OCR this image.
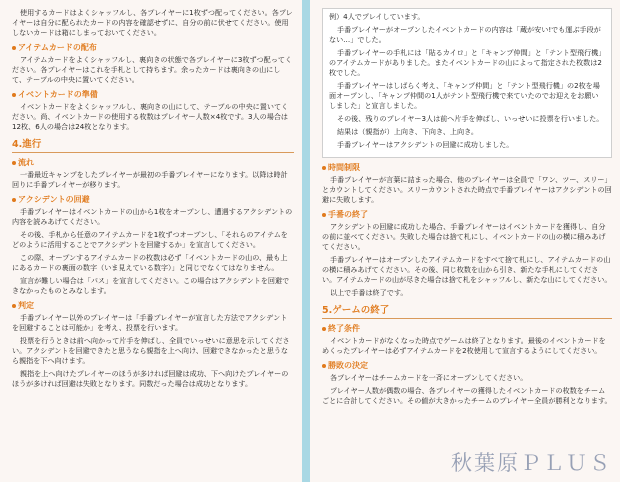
使用するカードはよくシャッフルし、各プレイヤーに1枚ずつ配ってください。各プレイヤーは自分に配られたカードの内容を確認せずに、自分の前に伏せてください。使用しないカードは箱にしまっておいてください。

アイテムカードの配布

アイテムカードをよくシャッフルし、裏向きの状態で各プレイヤーに3枚ずつ配ってください。各プレイヤーはこれを手札として持ちます。余ったカードは裏向きの山にして、テーブルの中央に置いてください。

イベントカードの準備

イベントカードをよくシャッフルし、裏向きの山にして、テーブルの中央に置いてください。尚、イベントカードの使用する枚数はプレイヤー人数×4枚です。3人の場合は12枚、6人の場合は24枚となります。

4.進行
流れ

一番最近キャンプをしたプレイヤーが最初の手番プレイヤーになります。以降は時計回りに手番プレイヤーが移ります。

アクシデントの回避

手番プレイヤーはイベントカードの山から1枚をオープンし、遭遇するアクシデントの内容を読みあげてください。

その後、手札から任意のアイテムカードを1枚ずつオープンし、「それらのアイテムをどのように活用することでアクシデントを回避するか」を宣言してください。

この際、オープンするアイテムカードの枚数は必ず「イベントカードの山の、最も上にあるカードの裏面の数字（いま見えている数字）」と同じでなくてはなりません。

宣言が難しい場合は「パス」を宣言してください。この場合はアクシデントを回避できなかったものとみなします。

判定

手番プレイヤー以外のプレイヤーは「手番プレイヤーが宣言した方法でアクシデントを回避することは可能か」を考え、投票を行います。

投票を行うときは前へ向かって片手を伸ばし、全員でいっせいに意思を示してください。アクシデントを回避できたと思うなら親指を上へ向け、回避できなかったと思うなら親指を下へ向けます。

親指を上へ向けたプレイヤーのほうが多ければ回避は成功、下へ向けたプレイヤーのほうが多ければ回避は失敗となります。同数だった場合は成功となります。

例）4人でプレイしています。

手番プレイヤーがオープンしたイベントカードの内容は「蔵が安い!でも運ぶ手段がない…」でした。

手番プレイヤーの手札には「貼るカイロ」と「キャンプ仲間」と「テント型飛行機」のアイテムカードがありました。またイベントカードの山によって指定された枚数は2枚でした。

手番プレイヤーはしばらく考え、「キャンプ仲間」と「テント型飛行機」の2枚を場面オープンし、「キャンプ仲間の1人がテント型飛行機で来ていたのでお迎えをお願いしました」と宣言しました。

その後、残りのプレイヤー3人は前へ片手を伸ばし、いっせいに投票を行いました。

結果は（親指が）上向き、下向き、上向き。

手番プレイヤーはアクシデントの回避に成功しました。

時間制限

手番プレイヤーが言葉に詰まった場合、他のプレイヤーは全員で「ワン、ツー、スリー」とカウントしてください。スリーカウントされた時点で手番プレイヤーはアクシデントの回避に失敗します。

手番の終了

アクシデントの回避に成功した場合、手番プレイヤーはイベントカードを獲得し、自分の前に並べてください。失敗した場合は捨て札にし、イベントカードの山の横に積みあげてください。

手番プレイヤーはオープンしたアイテムカードをすべて捨て札にし、アイテムカードの山の横に積みあげてください。その後、同じ枚数を山から引き、新たな手札にしてください。アイテムカードの山が尽きた場合は捨て札をシャッフルし、新たな山にしてください。

以上で手番は終了です。

5.ゲームの終了
終了条件

イベントカードがなくなった時点でゲームは終了となります。最後のイベントカードをめくったプレイヤーは必ずアイテムカードを2枚使用して宣言するようにしてください。

勝敗の決定

各プレイヤーはチームカードを一斉にオープンしてください。

プレイヤー人数が偶数の場合、各プレイヤーの獲得したイベントカードの枚数をチームごとに合計してください。その値が大きかったチームのプレイヤー全員が勝利となります。

秋葉原ＰＬＵＳ
